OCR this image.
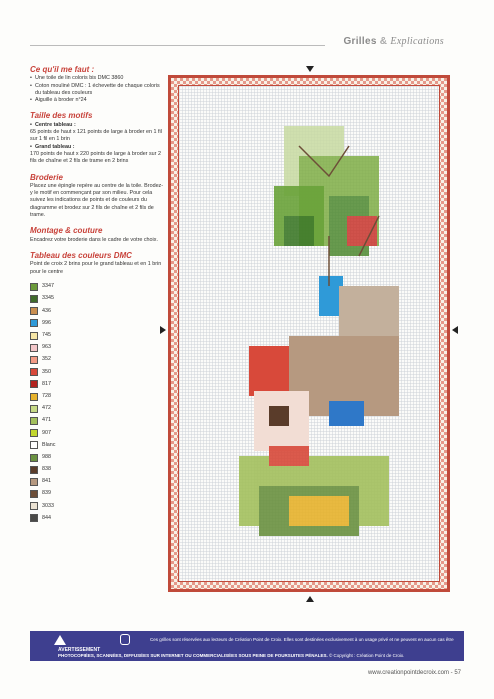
Grilles & Explications
Ce qu'il me faut :
• Une toile de lin coloris bis DMC 3860
• Coton mouliné DMC : 1 échevette de chaque coloris du tableau des couleurs
• Aiguille à broder n°24
Taille des motifs
• Centre tableau :
65 points de haut x 121 points de large à broder en 1 fil sur 1 fil en 1 brin
• Grand tableau :
170 points de haut x 220 points de large à broder sur 2 fils de chaîne et 2 fils de trame en 2 brins
Broderie
Placez une épingle repère au centre de la toile. Brodez-y le motif en commençant par son milieu. Pour cela suivez les indications de points et de couleurs du diagramme et brodez sur 2 fils de chaîne et 2 fils de trame.
Montage & couture
Encadrez votre broderie dans le cadre de votre choix.
Tableau des couleurs DMC
Point de croix 2 brins pour le grand tableau et en 1 brin pour le centre
3347
3345
436
996
745
963
352
350
817
728
472
471
907
Blanc
988
838
841
839
3033
844
AVERTISSEMENT
Ces grilles sont réservées aux lecteurs de Création Point de Croix. Elles sont destinées exclusivement à un usage privé et ne peuvent en aucun cas être
PHOTOCOPIÉES, SCANNÉES, DIFFUSÉES SUR INTERNET OU COMMERCIALISÉES SOUS PEINE DE POURSUITES PÉNALES. © Copyright : Création Point de Croix.
www.creationpointdecroix.com - 57
